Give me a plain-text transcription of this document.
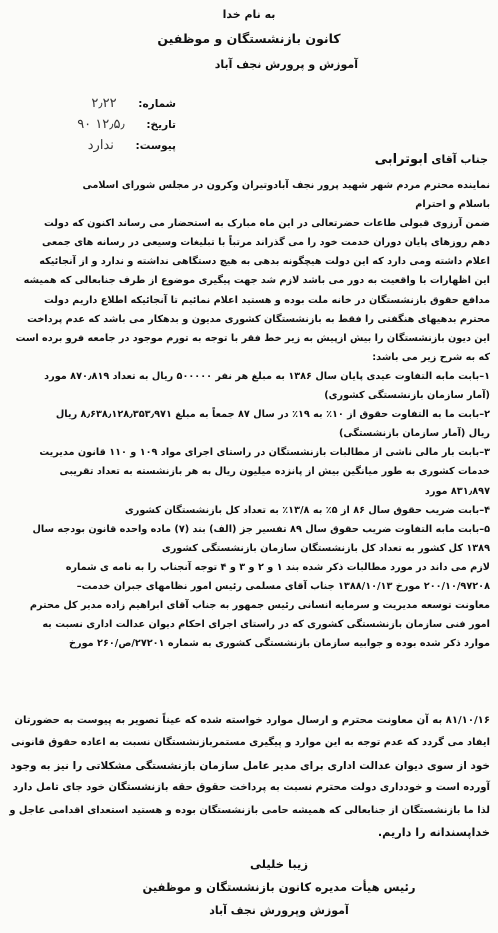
به نام خدا
کانون بازنشستگان و موظفین
آموزش و پرورش نجف آباد
شماره: ۲٫۲۲
تاریخ: ۱۲٫۵٫ ۹۰
پیوست: ندارد
جناب آقای ابوترابی
نماینده محترم مردم شهر شهید پرور نجف آباد‌وتیران وکرون در مجلس شورای اسلامی
باسلام و احترام
ضمن آرزوی قبولی طاعات حضرتعالی در این ماه مبارک به استحضار می رساند اکنون که دولت
دهم روزهای پایان دوران خدمت خود را می گذراند مرتباً با تبلیغات وسیعی در رسانه های جمعی
اعلام داشته ومی دارد که این دولت هیچگونه بدهی به هیچ دستگاهی نداشته و ندارد و از آنجائیکه
این اظهارات با واقعیت به دور می باشد لازم شد جهت پیگیری موضوع از طرف جنابعالی که همیشه
مدافع حقوق بازنشستگان در خانه ملت بوده و هستید اعلام نمائیم تا آنجائیکه اطلاع داریم دولت
محترم بدهیهای هنگفتی را فقط به بازنشستگان کشوری مدیون و بدهکار می باشد که عدم پرداخت
این دیون بازنشستگان را بیش ازپیش به زیر خط فقر با توجه به تورم موجود در جامعه فرو برده است
که به شرح زیر می باشد:
۱–بابت مابه التفاوت عیدی پایان سال ۱۳۸۶ به مبلغ هر نفر ۵۰۰۰۰۰ ریال به تعداد ۸۷۰٫۸۱۹ مورد
(آمار سازمان بازنشستگی کشوری)
۲–بابت ما به التفاوت حقوق از ۱۰٪ به ۱۹٪ در سال ۸۷ جمعاً به مبلغ ۸٫۶۳۸٫۱۲۸٫۳۵۳٫۹۷۱ ریال
ریال (آمار سازمان بازنشستگی)
۳–بابت بار مالی ناشی از مطالبات بازنشستگان در راستای اجرای مواد ۱۰۹ و ۱۱۰ قانون مدیریت
خدمات کشوری به طور میانگین بیش از پانزده میلیون ریال به هر بازنشسته به تعداد تقریبی
۸۳۱٫۸۹۷ مورد
۴–بابت ضریب حقوق سال ۸۶ از ۵٪ به ۱۳/۸٪ به تعداد کل بازنشستگان کشوری
۵–بابت مابه التفاوت ضریب حقوق سال ۸۹ تفسیر جز (الف) بند (۷) ماده واحده قانون بودجه سال
۱۳۸۹ کل کشور به تعداد کل بازنشستگان سازمان بازنشستگی کشوری
لازم می داند در مورد مطالبات ذکر شده بند ۱ و ۲ و ۳ و ۴ توجه آنجناب را به نامه ی شماره
۲۰۰/۱۰/۹۷۲۰۸ مورخ ۱۳۸۸/۱۰/۱۳ جناب آقای مسلمی رئیس امور نظامهای جبران خدمت–
معاونت توسعه مدیریت و سرمایه انسانی رئیس جمهور به جناب آقای ابراهیم زاده مدیر کل محترم
امور فنی سازمان بازنشستگی کشوری که در راستای اجرای احکام دیوان عدالت اداری نسبت به
موارد ذکر شده بوده و جوابیه سازمان بازنشستگی کشوری به شماره ۲۷۲۰۱/ص/۲۶۰ مورخ
۸۱/۱۰/۱۶ به آن معاونت محترم و ارسال موارد خواسته شده که عیناً تصویر به پیوست به حضورتان
ایفاد می گردد که عدم توجه به این موارد و پیگیری مستمربازنشستگان نسبت به اعاده حقوق قانونی
خود از سوی دیوان عدالت اداری برای مدیر عامل سازمان بازنشستگی مشکلاتی را نیز به وجود
آورده است و خودداری دولت محترم نسبت به پرداخت حقوق حقه بازنشستگان خود جای تامل دارد
لذا ما بازنشستگان از جنابعالی که همیشه حامی بازنشستگان بوده و هستید استعدای اقدامی عاجل و
خداپسندانه را داریم.
زیبا خلیلی
رئیس هیأت مدیره کانون بازنشستگان و موظفین
آموزش وپرورش نجف آباد
